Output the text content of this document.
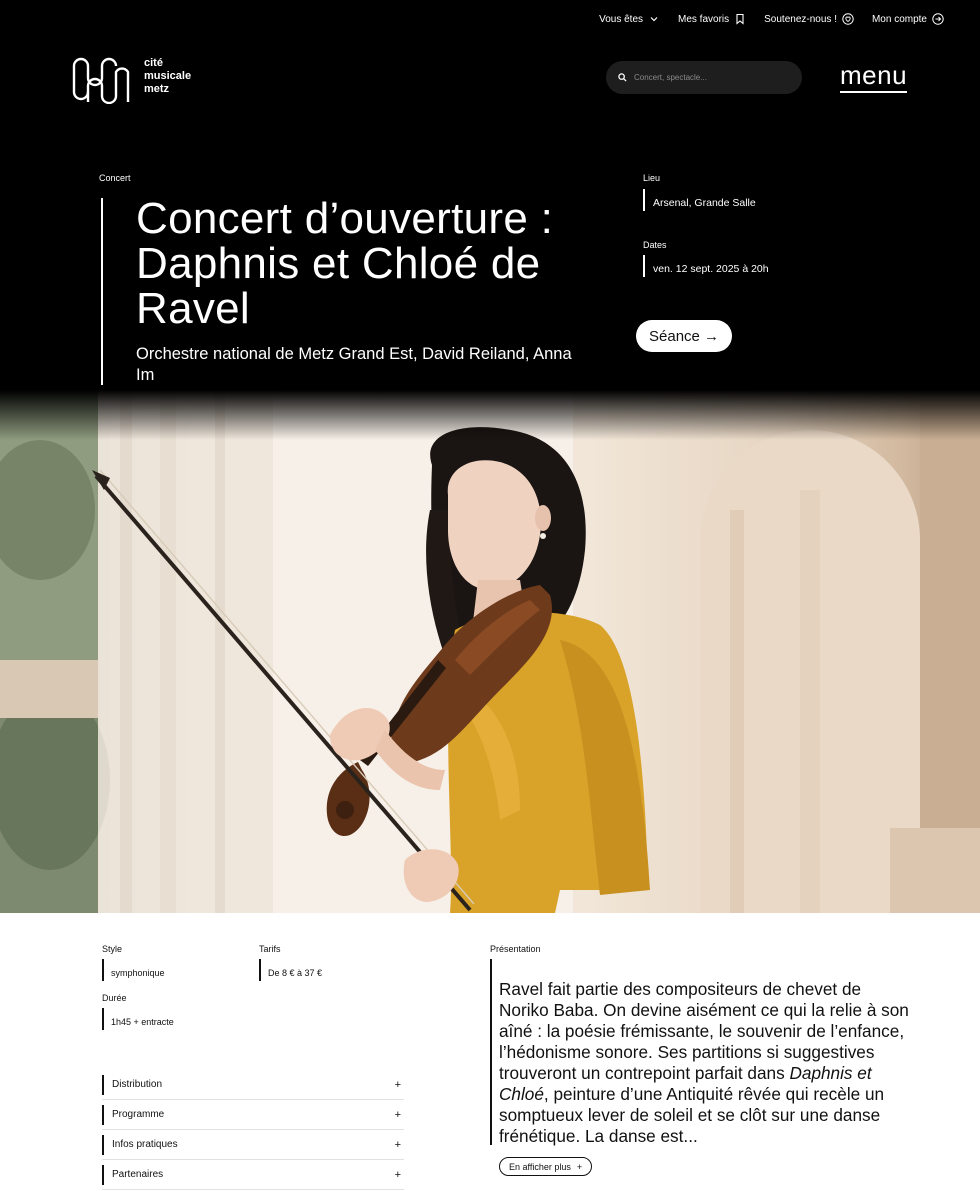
Vous êtes	Mes favoris	Soutenez-nous !	Mon compte
cité
musicale
metz
Concert, spectacle...	menu
Concert
Concert d’ouverture : Daphnis et Chloé de Ravel
Orchestre national de Metz Grand Est, David Reiland, Anna Im
Lieu
Arsenal, Grande Salle
Dates
ven. 12 sept. 2025 à 20h
Séance →
Style
symphonique
Tarifs
De 8 € à 37 €
Durée
1h45 + entracte
Distribution	+
Programme	+
Infos pratiques	+
Partenaires	+
Présentation

Ravel fait partie des compositeurs de chevet de Noriko Baba. On devine aisément ce qui la relie à son aîné : la poésie frémissante, le souvenir de l’enfance, l’hédonisme sonore. Ses partitions si suggestives trouveront un contrepoint parfait dans Daphnis et Chloé, peinture d’une Antiquité rêvée qui recèle un somptueux lever de soleil et se clôt sur une danse frénétique. La danse est...

En afficher plus +
